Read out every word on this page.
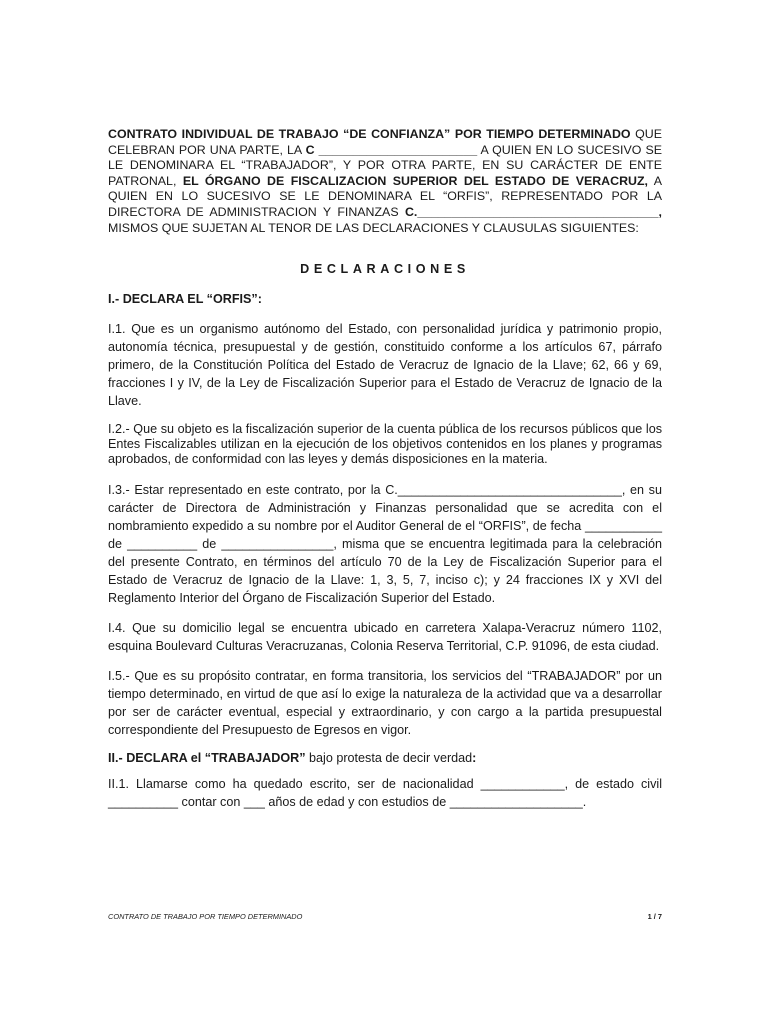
CONTRATO INDIVIDUAL DE TRABAJO “DE CONFIANZA” POR TIEMPO DETERMINADO QUE CELEBRAN POR UNA PARTE, LA C _______________________ A QUIEN EN LO SUCESIVO SE LE DENOMINARA EL “TRABAJADOR”, Y POR OTRA PARTE, EN SU CARÁCTER DE ENTE PATRONAL, EL ÓRGANO DE FISCALIZACION SUPERIOR DEL ESTADO DE VERACRUZ, A QUIEN EN LO SUCESIVO SE LE DENOMINARA EL “ORFIS”, REPRESENTADO POR LA DIRECTORA DE ADMINISTRACION Y FINANZAS C.___________________________________, MISMOS QUE SUJETAN AL TENOR DE LAS DECLARACIONES Y CLAUSULAS SIGUIENTES:

DECLARACIONES

I.- DECLARA EL “ORFIS”:

I.1. Que es un organismo autónomo del Estado, con personalidad jurídica y patrimonio propio, autonomía técnica, presupuestal y de gestión, constituido conforme a los artículos 67, párrafo primero, de la Constitución Política del Estado de Veracruz de Ignacio de la Llave; 62, 66 y 69, fracciones I y IV, de la Ley de Fiscalización Superior para el Estado de Veracruz de Ignacio de la Llave.

I.2.- Que su objeto es la fiscalización superior de la cuenta pública de los recursos públicos que los Entes Fiscalizables utilizan en la ejecución de los objetivos contenidos en los planes y programas aprobados, de conformidad con las leyes y demás disposiciones en la materia.

I.3.- Estar representado en este contrato, por la C.________________________________, en su carácter de Directora de Administración y Finanzas personalidad que se acredita con el nombramiento expedido a su nombre por el Auditor General de el “ORFIS”, de fecha ___________ de __________ de ________________, misma que se encuentra legitimada para la celebración del presente Contrato, en términos del artículo 70 de la Ley de Fiscalización Superior para el Estado de Veracruz de Ignacio de la Llave: 1, 3, 5, 7, inciso c); y 24 fracciones IX y XVI del Reglamento Interior del Órgano de Fiscalización Superior del Estado.

I.4. Que su domicilio legal se encuentra ubicado en carretera Xalapa-Veracruz número 1102, esquina Boulevard Culturas Veracruzanas, Colonia Reserva Territorial, C.P. 91096, de esta ciudad.

I.5.- Que es su propósito contratar, en forma transitoria, los servicios del “TRABAJADOR” por un tiempo determinado, en virtud de que así lo exige la naturaleza de la actividad que va a desarrollar por ser de carácter eventual, especial y extraordinario, y con cargo a la partida presupuestal correspondiente del Presupuesto de Egresos en vigor.

II.- DECLARA el “TRABAJADOR” bajo protesta de decir verdad:

II.1. Llamarse como ha quedado escrito, ser de nacionalidad ____________, de estado civil __________ contar con ___ años de edad y con estudios de ___________________.

CONTRATO DE TRABAJO POR TIEMPO DETERMINADO	1 / 7
